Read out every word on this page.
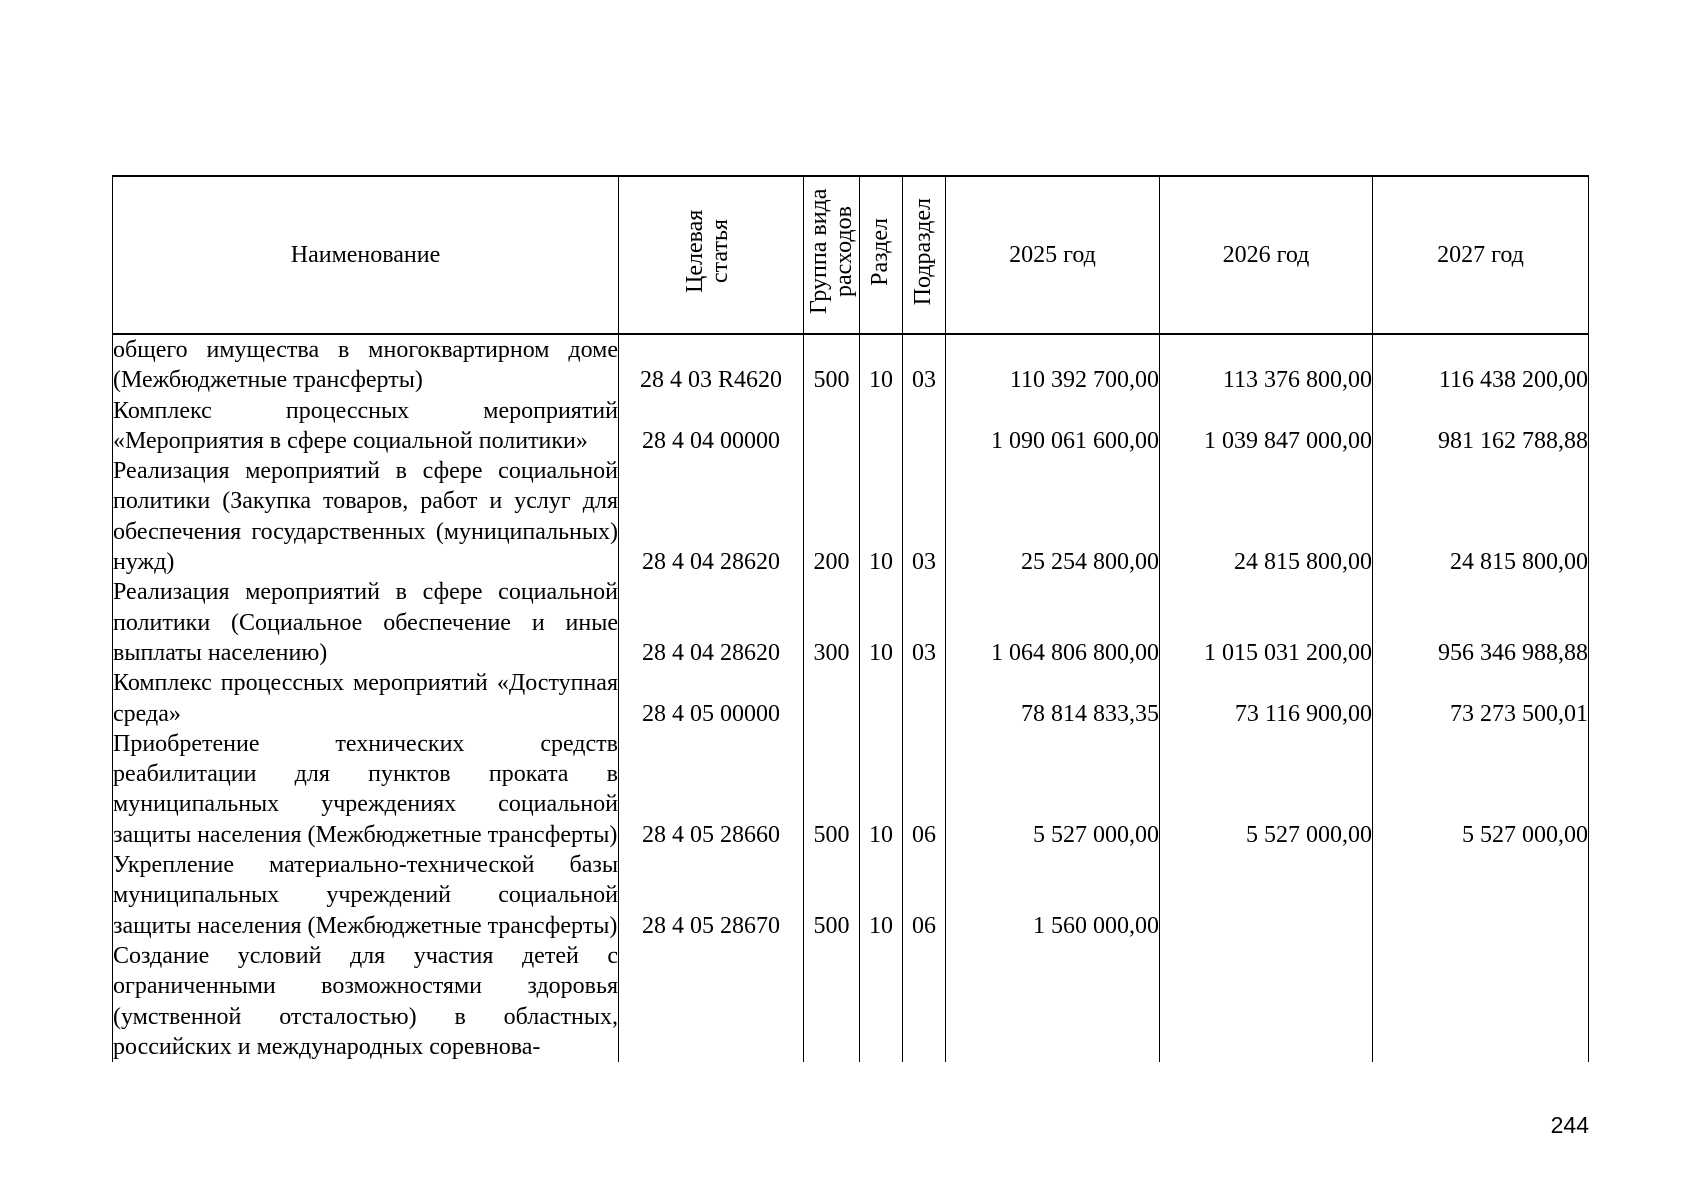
Наименование	Целевая статья	Группа вида расходов	Раздел	Подраздел	2025 год	2026 год	2027 год
общего имущества в многоквартирном доме (Межбюджетные трансферты)	28 4 03 R4620	500	10	03	110 392 700,00	113 376 800,00	116 438 200,00
Комплекс процессных мероприятий «Мероприятия в сфере социальной политики»	28 4 04 00000				1 090 061 600,00	1 039 847 000,00	981 162 788,88
Реализация мероприятий в сфере социальной политики (Закупка товаров, работ и услуг для обеспечения государственных (муниципальных) нужд)	28 4 04 28620	200	10	03	25 254 800,00	24 815 800,00	24 815 800,00
Реализация мероприятий в сфере социальной политики (Социальное обеспечение и иные выплаты населению)	28 4 04 28620	300	10	03	1 064 806 800,00	1 015 031 200,00	956 346 988,88
Комплекс процессных мероприятий «Доступная среда»	28 4 05 00000				78 814 833,35	73 116 900,00	73 273 500,01
Приобретение технических средств реабилитации для пунктов проката в муниципальных учреждениях социальной защиты населения (Межбюджетные трансферты)	28 4 05 28660	500	10	06	5 527 000,00	5 527 000,00	5 527 000,00
Укрепление материально-технической базы муниципальных учреждений социальной защиты населения (Межбюджетные трансферты)	28 4 05 28670	500	10	06	1 560 000,00		
Создание условий для участия детей с ограниченными возможностями здоровья (умственной отсталостью) в областных, российских и международных соревнова-							
244
